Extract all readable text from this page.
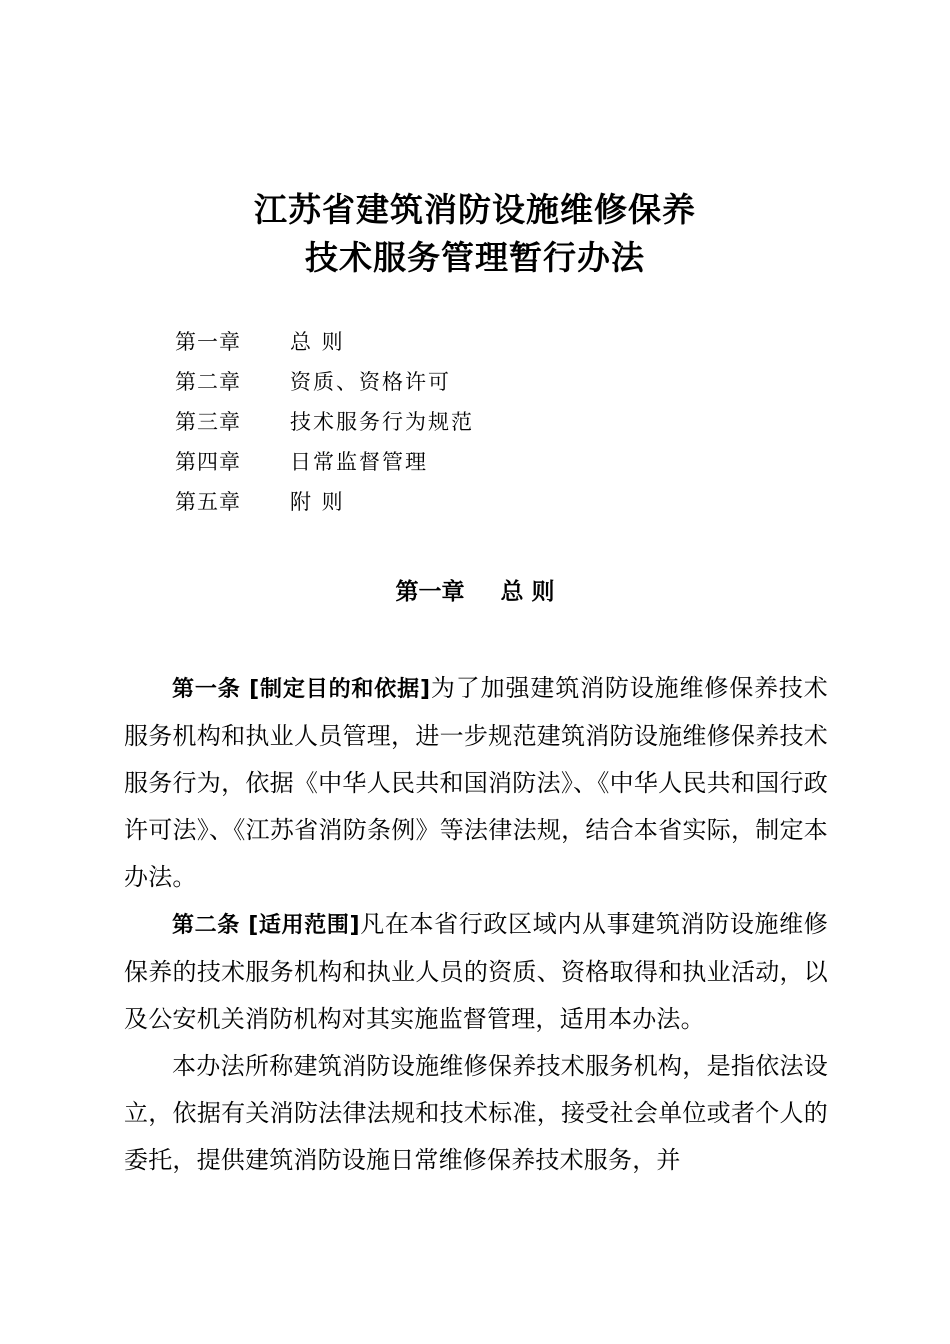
江苏省建筑消防设施维修保养
技术服务管理暂行办法
第一章 总 则
第二章 资质、资格许可
第三章 技术服务行为规范
第四章 日常监督管理
第五章 附 则
第一章 总 则

第一条 [制定目的和依据]为了加强建筑消防设施维修保养技术服务机构和执业人员管理，进一步规范建筑消防设施维修保养技术服务行为，依据《中华人民共和国消防法》、《中华人民共和国行政许可法》、《江苏省消防条例》等法律法规，结合本省实际，制定本办法。

第二条 [适用范围]凡在本省行政区域内从事建筑消防设施维修保养的技术服务机构和执业人员的资质、资格取得和执业活动，以及公安机关消防机构对其实施监督管理，适用本办法。

本办法所称建筑消防设施维修保养技术服务机构，是指依法设立，依据有关消防法律法规和技术标准，接受社会单位或者个人的委托，提供建筑消防设施日常维修保养技术服务，并
